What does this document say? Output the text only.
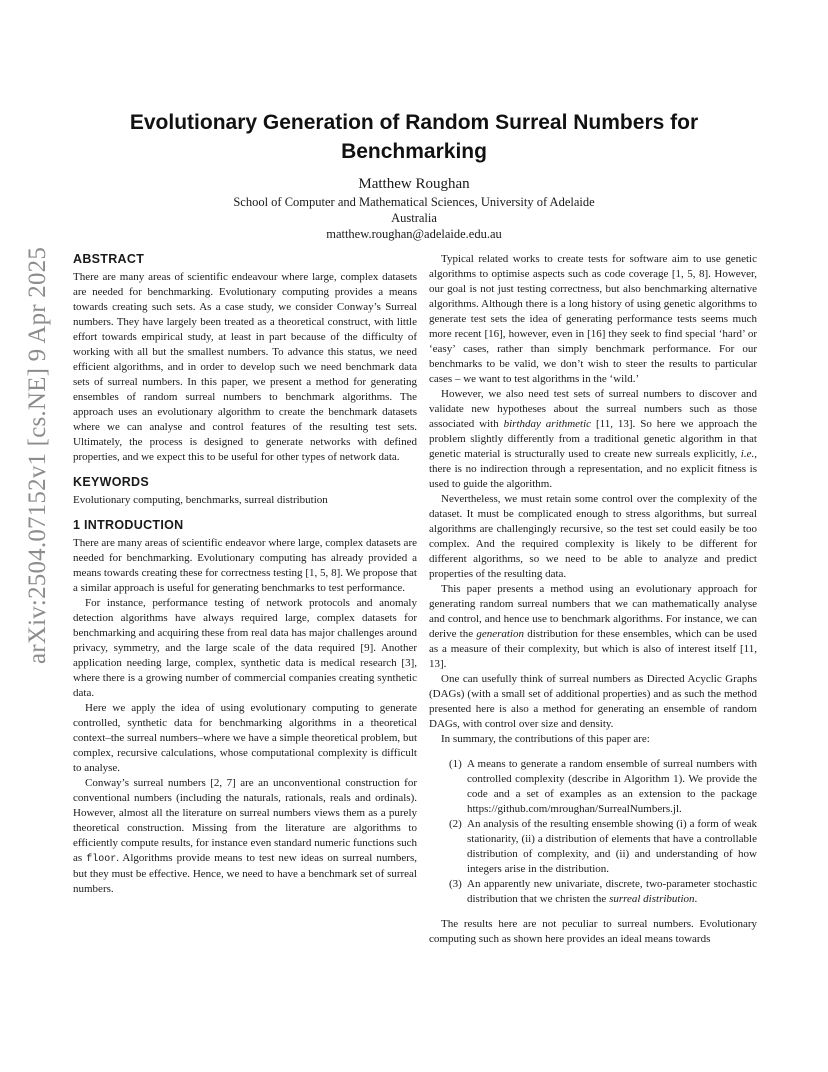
Evolutionary Generation of Random Surreal Numbers for
Benchmarking
Matthew Roughan
School of Computer and Mathematical Sciences, University of Adelaide
Australia
matthew.roughan@adelaide.edu.au
arXiv:2504.07152v1 [cs.NE] 9 Apr 2025 ABSTRACT

There are many areas of scientific endeavour where large, complex datasets are needed for benchmarking. Evolutionary computing provides a means towards creating such sets. As a case study, we consider Conway’s Surreal numbers. They have largely been treated as a theoretical construct, with little effort towards empirical study, at least in part because of the difficulty of working with all but the smallest numbers. To advance this status, we need efficient algorithms, and in order to develop such we need benchmark data sets of surreal numbers. In this paper, we present a method for generating ensembles of random surreal numbers to benchmark algorithms. The approach uses an evolutionary algorithm to create the benchmark datasets where we can analyse and control features of the resulting test sets. Ultimately, the process is designed to generate networks with defined properties, and we expect this to be useful for other types of network data.

KEYWORDS

Evolutionary computing, benchmarks, surreal distribution

1 INTRODUCTION

There are many areas of scientific endeavor where large, complex datasets are needed for benchmarking. Evolutionary computing has already provided a means towards creating these for correctness testing [1, 5, 8]. We propose that a similar approach is useful for generating benchmarks to test performance.

For instance, performance testing of network protocols and anomaly detection algorithms have always required large, complex datasets for benchmarking and acquiring these from real data has major challenges around privacy, symmetry, and the large scale of the data required [9]. Another application needing large, complex, synthetic data is medical research [3], where there is a growing number of commercial companies creating synthetic data.

Here we apply the idea of using evolutionary computing to generate controlled, synthetic data for benchmarking algorithms in a theoretical context–the surreal numbers–where we have a simple theoretical problem, but complex, recursive calculations, whose computational complexity is difficult to analyse.

Conway’s surreal numbers [2, 7] are an unconventional construction for conventional numbers (including the naturals, rationals, reals and ordinals). However, almost all the literature on surreal numbers views them as a purely theoretical construction. Missing from the literature are algorithms to efficiently compute results, for instance even standard numeric functions such as floor. Algorithms provide means to test new ideas on surreal numbers, but they must be effective. Hence, we need to have a benchmark set of surreal numbers.

Typical related works to create tests for software aim to use genetic algorithms to optimise aspects such as code coverage [1, 5, 8]. However, our goal is not just testing correctness, but also benchmarking alternative algorithms. Although there is a long history of using genetic algorithms to generate test sets the idea of generating performance tests seems much more recent [16], however, even in [16] they seek to find special ‘hard’ or ‘easy’ cases, rather than simply benchmark performance. For our benchmarks to be valid, we don’t wish to steer the results to particular cases – we want to test algorithms in the ‘wild.’

However, we also need test sets of surreal numbers to discover and validate new hypotheses about the surreal numbers such as those associated with birthday arithmetic [11, 13]. So here we approach the problem slightly differently from a traditional genetic algorithm in that genetic material is structurally used to create new surreals explicitly, i.e., there is no indirection through a representation, and no explicit fitness is used to guide the algorithm.

Nevertheless, we must retain some control over the complexity of the dataset. It must be complicated enough to stress algorithms, but surreal algorithms are challengingly recursive, so the test set could easily be too complex. And the required complexity is likely to be different for different algorithms, so we need to be able to analyze and predict properties of the resulting data.

This paper presents a method using an evolutionary approach for generating random surreal numbers that we can mathematically analyse and control, and hence use to benchmark algorithms. For instance, we can derive the generation distribution for these ensembles, which can be used as a measure of their complexity, but which is also of interest itself [11, 13].

One can usefully think of surreal numbers as Directed Acyclic Graphs (DAGs) (with a small set of additional properties) and as such the method presented here is also a method for generating an ensemble of random DAGs, with control over size and density.

In summary, the contributions of this paper are:

(1) A means to generate a random ensemble of surreal numbers with controlled complexity (describe in Algorithm 1). We provide the code and a set of examples as an extension to the package https://github.com/mroughan/SurrealNumbers.jl.
(2) An analysis of the resulting ensemble showing (i) a form of weak stationarity, (ii) a distribution of elements that have a controllable distribution of complexity, and (ii) and understanding of how integers arise in the distribution.
(3) An apparently new univariate, discrete, two-parameter stochastic distribution that we christen the surreal distribution.

The results here are not peculiar to surreal numbers. Evolutionary computing such as shown here provides an ideal means towards
